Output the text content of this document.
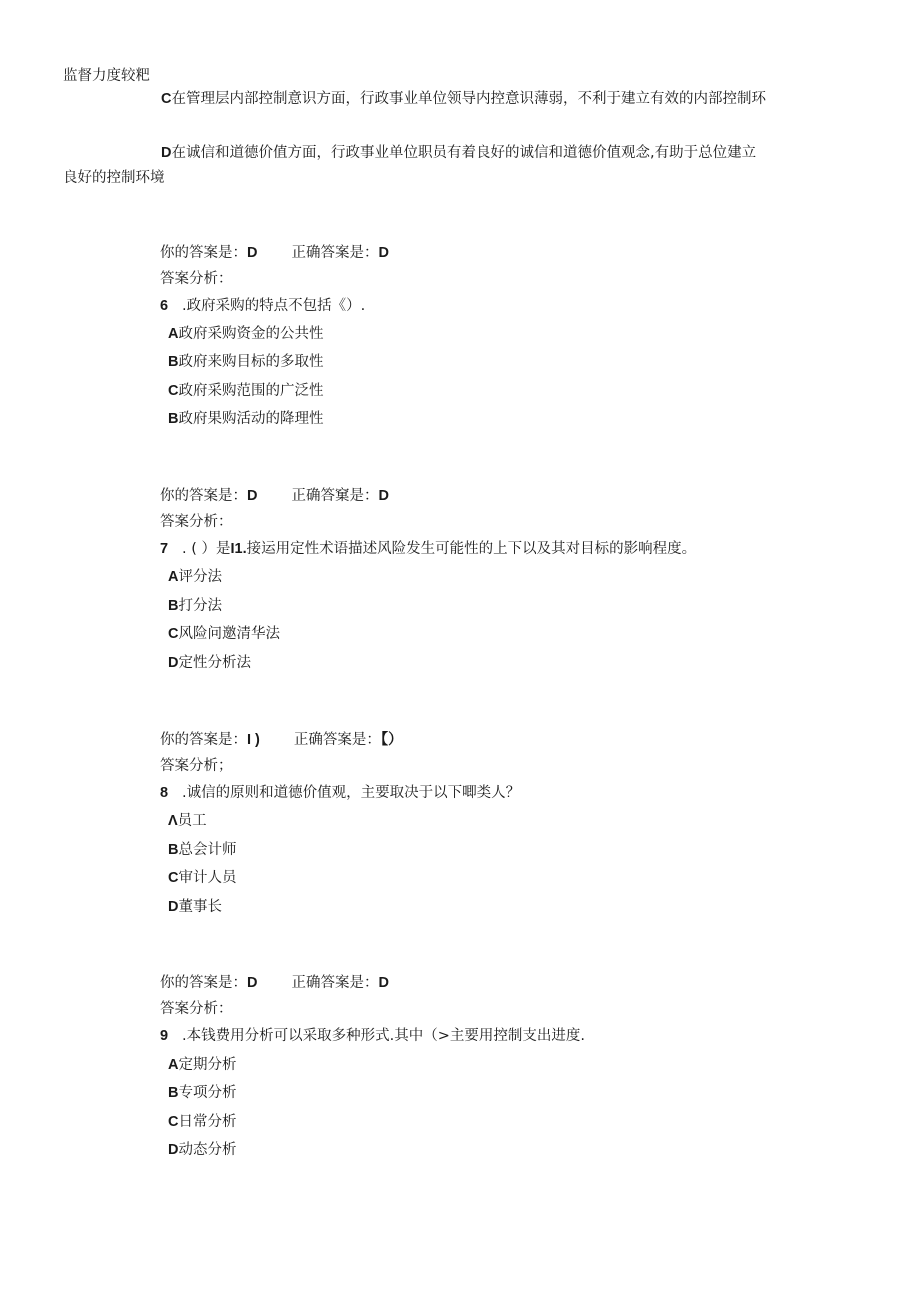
监督力度较粑
C在管理层内部控制意识方面，行政事业单位领导内控意识薄弱，不利于建立有效的内部控制环
D在诚信和道德价值方面，行政事业单位职员有着良好的诚信和道德价值观念,有助于总位建立
良好的控制环境
你的答案是：D 正确答案是：D
答案分析：
6 .政府采购的特点不包括《）.
A政府采购资金的公共性
B政府来购目标的多取性
C政府采购范围的广泛性
B政府果购活动的降理性
你的答案是：D 正确答窠是：D
答案分析：
7 . ( ）是I1.接运用定性术语描述风险发生可能性的上下以及其对目标的影响程度。
A评分法
B打分法
C风险问邀清华法
D定性分析法
你的答案是：I ) 正确答案是：【）
答案分析；
8 .诚信的原则和道德价值观，主要取决于以下唧类人？
Λ员工
B总会计师
C审计人员
D董事长
你的答案是：D 正确答案是：D
答案分析：
9 .本钱费用分析可以采取多种形式.其中（>主要用控制支出进度.
A定期分析
B专项分析
C日常分析
D动态分析
